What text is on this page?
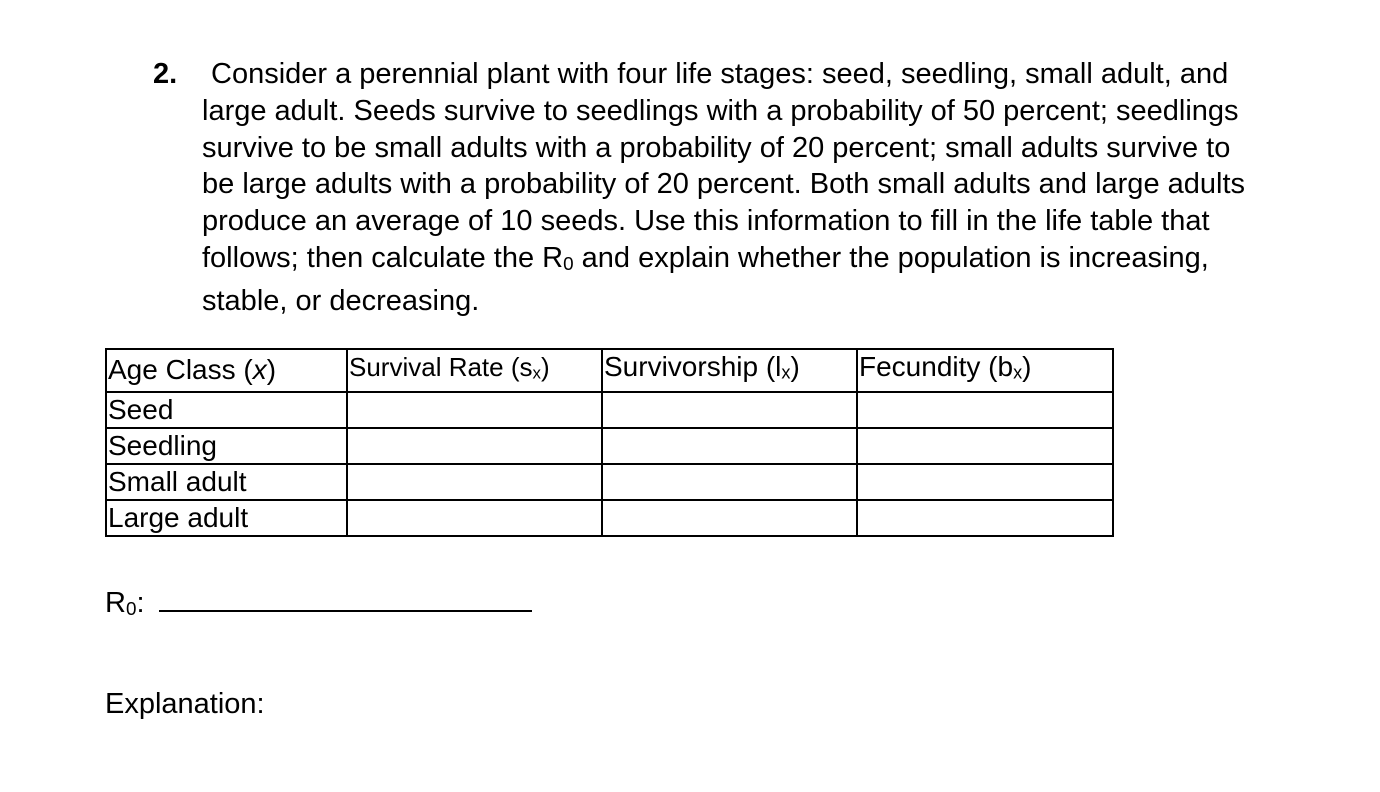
2.	Consider a perennial plant with four life stages: seed, seedling, small adult, and
large adult. Seeds survive to seedlings with a probability of 50 percent; seedlings
survive to be small adults with a probability of 20 percent; small adults survive to
be large adults with a probability of 20 percent. Both small adults and large adults
produce an average of 10 seeds. Use this information to fill in the life table that
follows; then calculate the R0 and explain whether the population is increasing,
stable, or decreasing.
Age Class (x)	Survival Rate (sx)	Survivorship (lx)	Fecundity (bx)
Seed			
Seedling			
Small adult			
Large adult			
R0:
Explanation:
